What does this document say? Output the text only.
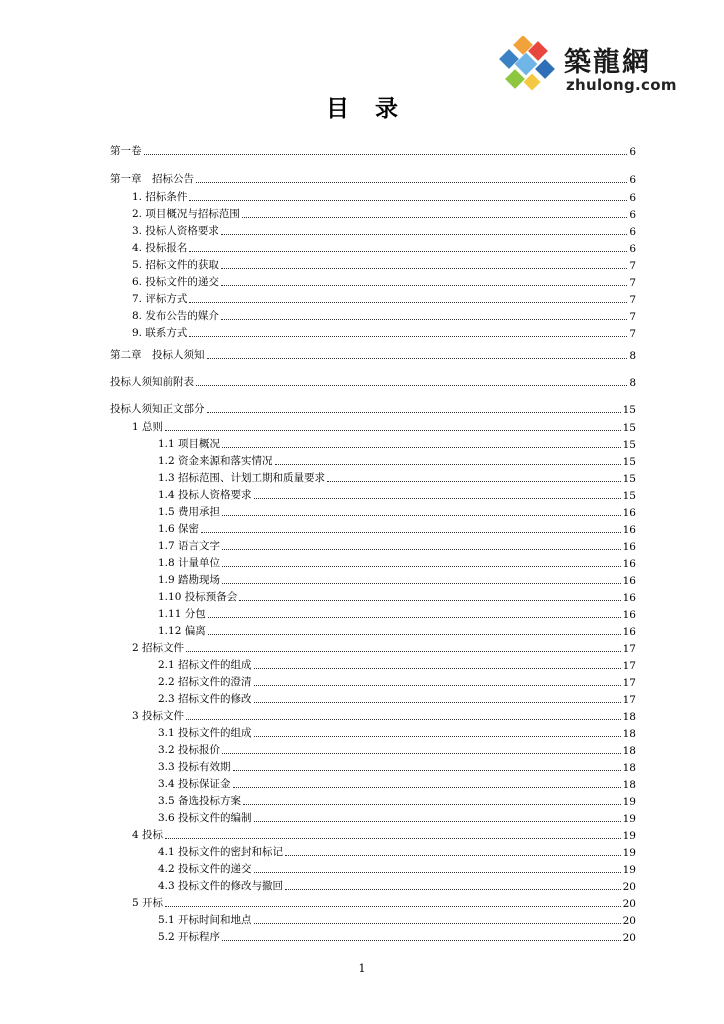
築龍網
zhulong.com
目录
第一卷	6
第一章　招标公告	6
1. 招标条件	6
2. 项目概况与招标范围	6
3. 投标人资格要求	6
4. 投标报名	6
5. 招标文件的获取	7
6. 投标文件的递交	7
7. 评标方式	7
8. 发布公告的媒介	7
9. 联系方式	7
第二章　投标人须知	8
投标人须知前附表	8
投标人须知正文部分	15
1 总则	15
1.1 项目概况	15
1.2 资金来源和落实情况	15
1.3 招标范围、计划工期和质量要求	15
1.4 投标人资格要求	15
1.5 费用承担	16
1.6 保密	16
1.7 语言文字	16
1.8 计量单位	16
1.9 踏勘现场	16
1.10 投标预备会	16
1.11 分包	16
1.12 偏离	16
2 招标文件	17
2.1 招标文件的组成	17
2.2 招标文件的澄清	17
2.3 招标文件的修改	17
3 投标文件	18
3.1 投标文件的组成	18
3.2 投标报价	18
3.3 投标有效期	18
3.4 投标保证金	18
3.5 备选投标方案	19
3.6 投标文件的编制	19
4 投标	19
4.1 投标文件的密封和标记	19
4.2 投标文件的递交	19
4.3 投标文件的修改与撤回	20
5 开标	20
5.1 开标时间和地点	20
5.2 开标程序	20
1
